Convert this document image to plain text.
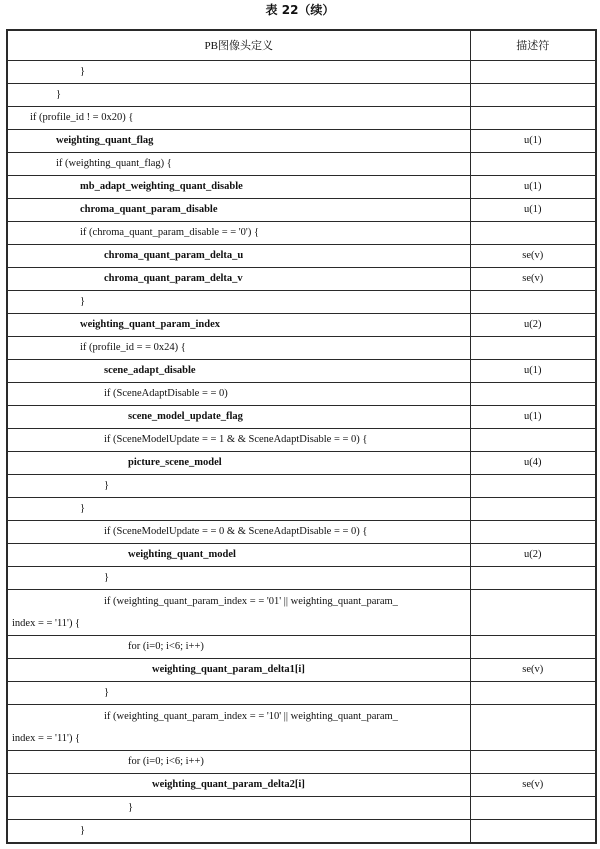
表 22（续）
PB图像头定义	描述符
}	
}	
if (profile_id ! = 0x20) {	
weighting_quant_flag	u(1)
if (weighting_quant_flag) {	
mb_adapt_weighting_quant_disable	u(1)
chroma_quant_param_disable	u(1)
if (chroma_quant_param_disable = = '0') {	
chroma_quant_param_delta_u	se(v)
chroma_quant_param_delta_v	se(v)
}	
weighting_quant_param_index	u(2)
if (profile_id = = 0x24) {	
scene_adapt_disable	u(1)
if (SceneAdaptDisable = = 0)	
scene_model_update_flag	u(1)
if (SceneModelUpdate = = 1 & & SceneAdaptDisable = = 0) {	
picture_scene_model	u(4)
}	
}	
if (SceneModelUpdate = = 0 & & SceneAdaptDisable = = 0) {	
weighting_quant_model	u(2)
}	

if (weighting_quant_param_index = = '01' || weighting_quant_param_
index = = '11') {	

for (i=0; i<6; i++)	
weighting_quant_param_delta1[i]	se(v)
}	

if (weighting_quant_param_index = = '10' || weighting_quant_param_
index = = '11') {	

for (i=0; i<6; i++)	
weighting_quant_param_delta2[i]	se(v)
}	
}	
